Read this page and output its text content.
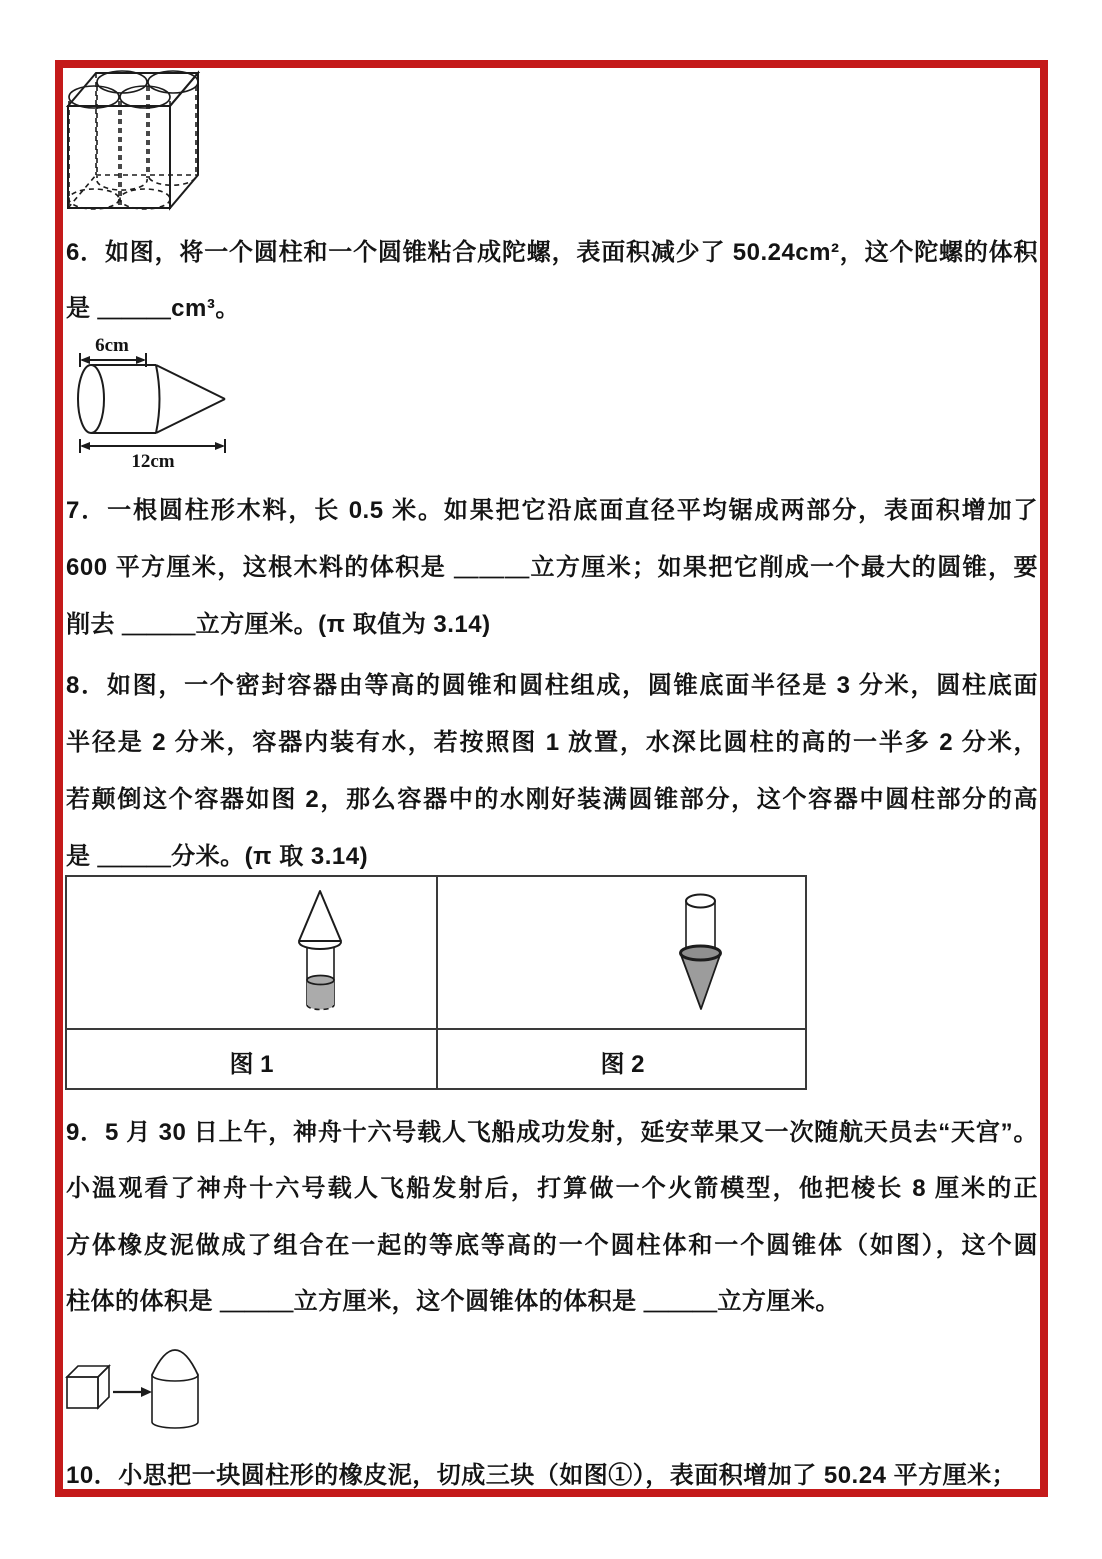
6．如图，将一个圆柱和一个圆锥粘合成陀螺，表面积减少了 50.24cm²，这个陀螺的体积
是 ＿＿＿cm³。
6cm
12cm
7．一根圆柱形木料，长 0.5 米。如果把它沿底面直径平均锯成两部分，表面积增加了
600 平方厘米，这根木料的体积是 ＿＿＿立方厘米；如果把它削成一个最大的圆锥，要
削去 ＿＿＿立方厘米。(π 取值为 3.14)
8．如图，一个密封容器由等高的圆锥和圆柱组成，圆锥底面半径是 3 分米，圆柱底面
半径是 2 分米，容器内装有水，若按照图 1 放置，水深比圆柱的高的一半多 2 分米，
若颠倒这个容器如图 2，那么容器中的水刚好装满圆锥部分，这个容器中圆柱部分的高
是 ＿＿＿分米。(π 取 3.14)
图 1	图 2
9．5 月 30 日上午，神舟十六号载人飞船成功发射，延安苹果又一次随航天员去“天宫”。
小温观看了神舟十六号载人飞船发射后，打算做一个火箭模型，他把棱长 8 厘米的正
方体橡皮泥做成了组合在一起的等底等高的一个圆柱体和一个圆锥体（如图），这个圆
柱体的体积是 ＿＿＿立方厘米，这个圆锥体的体积是 ＿＿＿立方厘米。
10．小思把一块圆柱形的橡皮泥，切成三块（如图①），表面积增加了 50.24 平方厘米；
